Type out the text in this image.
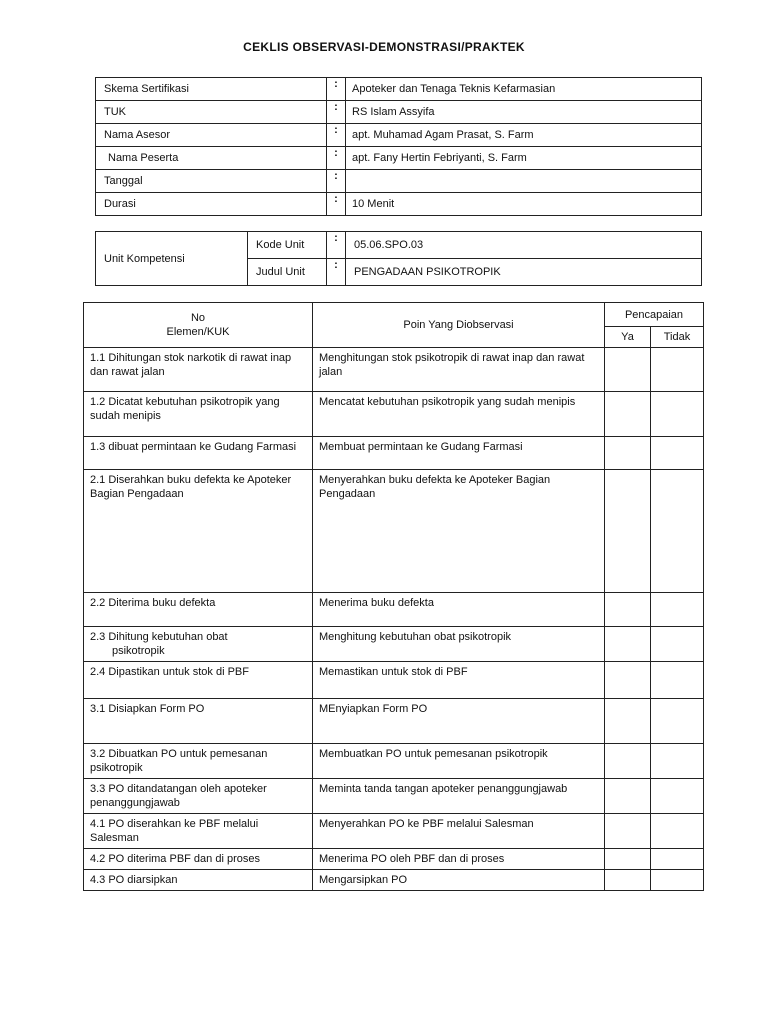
CEKLIS OBSERVASI-DEMONSTRASI/PRAKTEK
Skema Sertifikasi	:	Apoteker dan Tenaga Teknis Kefarmasian
TUK	:	RS Islam Assyifa
Nama Asesor	:	apt. Muhamad Agam Prasat, S. Farm
Nama Peserta	:	apt. Fany Hertin Febriyanti, S. Farm
Tanggal	:	
Durasi	:	10 Menit
Unit Kompetensi	Kode Unit	:	05.06.SPO.03
	Judul Unit	:	PENGADAAN PSIKOTROPIK
No
Elemen/KUK	Poin Yang Diobservasi	Pencapaian	
		Ya	Tidak
1.1 Dihitungan stok narkotik di rawat inap dan rawat jalan	Menghitungan stok psikotropik di rawat inap dan rawat jalan		
1.2 Dicatat kebutuhan psikotropik yang sudah menipis	Mencatat kebutuhan psikotropik yang sudah menipis		
1.3 dibuat permintaan ke Gudang Farmasi	Membuat permintaan ke Gudang Farmasi		
2.1 Diserahkan buku defekta ke Apoteker Bagian Pengadaan	Menyerahkan buku defekta ke Apoteker Bagian Pengadaan		
2.2 Diterima buku defekta	Menerima buku defekta		

2.3 Dihitung kebutuhan obat
psikotropik	Menghitung kebutuhan obat psikotropik		
2.4 Dipastikan untuk stok di PBF	Memastikan untuk stok di PBF		
3.1 Disiapkan Form PO	MEnyiapkan Form PO		
3.2 Dibuatkan PO untuk pemesanan psikotropik	Membuatkan PO untuk pemesanan psikotropik		
3.3 PO ditandatangan oleh apoteker penanggungjawab	Meminta tanda tangan apoteker penanggungjawab		
4.1 PO diserahkan ke PBF melalui Salesman	Menyerahkan PO ke PBF melalui Salesman		
4.2 PO diterima PBF dan di proses	Menerima PO oleh PBF dan di proses		
4.3 PO diarsipkan	Mengarsipkan PO		
